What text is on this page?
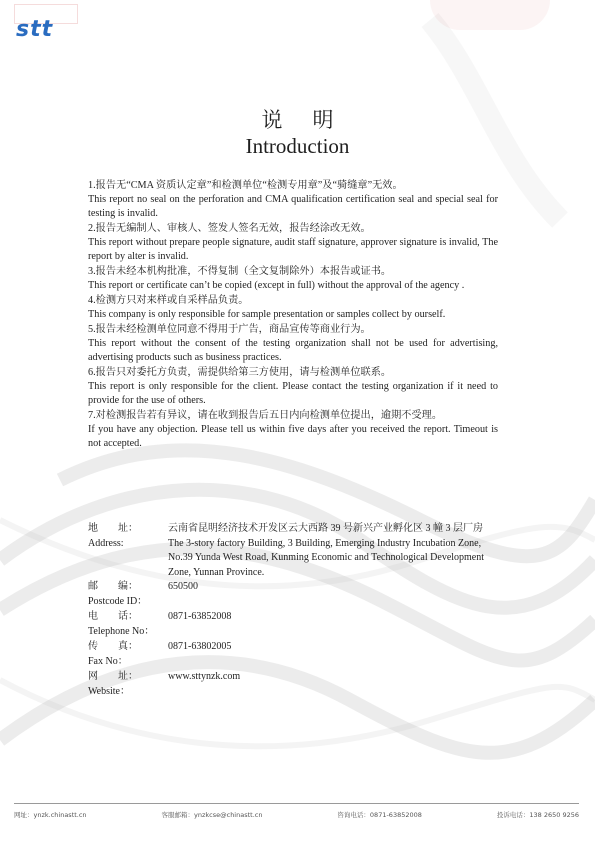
stt
说明
Introduction

1.报告无“CMA 资质认定章”和检测单位“检测专用章”及“骑缝章”无效。

This report no seal on the perforation and CMA qualification certification seal and special seal for testing is invalid.

2.报告无编制人、审核人、签发人签名无效，报告经涂改无效。

This report without prepare people signature, audit staff signature, approver signature is invalid, The report by alter is invalid.

3.报告未经本机构批准，不得复制（全文复制除外）本报告或证书。

This report or certificate can’t be copied (except in full) without the approval of the agency .

4.检测方只对来样或自采样品负责。

This company is only responsible for sample presentation or samples collect by ourself.

5.报告未经检测单位同意不得用于广告，商品宣传等商业行为。

This report without the consent of the testing organization shall not be used for advertising, advertising products such as business practices.

6.报告只对委托方负责，需提供给第三方使用，请与检测单位联系。

This report is only responsible for the client. Please contact the testing organization if it need to provide for the use of others.

7.对检测报告若有异议，请在收到报告后五日内向检测单位提出，逾期不受理。

If you have any objection. Please tell us within five days after you received the report. Timeout is not accepted.

地　　址：
Address:
云南省昆明经济技术开发区云大西路 39 号新兴产业孵化区 3 幢 3 层厂房
The 3-story factory Building, 3 Building, Emerging Industry Incubation Zone, No.39 Yunda West Road, Kunming Economic and Technological Development Zone, Yunnan Province.
邮　　编：	650500
Postcode ID：
电　　话：	0871-63852008
Telephone No：
传　　真：	0871-63802005
Fax No：
网　　址：	www.sttynzk.com
Website：
网址：ynzk.chinastt.cn	客服邮箱：ynzkcse@chinastt.cn	咨询电话：0871-63852008	投诉电话：138 2650 9256
